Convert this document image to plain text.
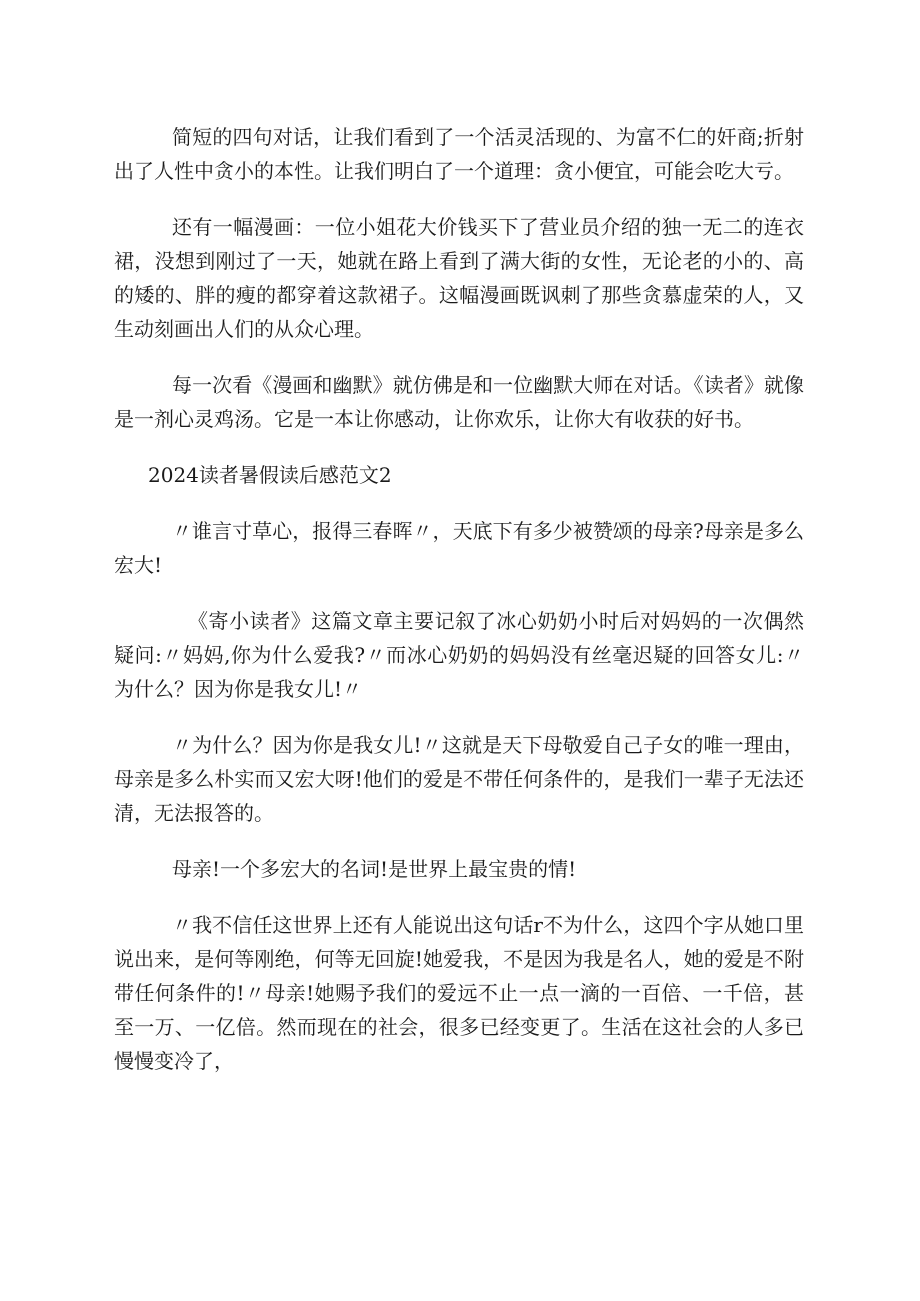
简短的四句对话，让我们看到了一个活灵活现的、为富不仁的奸商;折射出了人性中贪小的本性。让我们明白了一个道理：贪小便宜，可能会吃大亏。

还有一幅漫画：一位小姐花大价钱买下了营业员介绍的独一无二的连衣裙，没想到刚过了一天，她就在路上看到了满大街的女性，无论老的小的、高的矮的、胖的瘦的都穿着这款裙子。这幅漫画既讽刺了那些贪慕虚荣的人，又生动刻画出人们的从众心理。

每一次看《漫画和幽默》就仿佛是和一位幽默大师在对话。《读者》就像是一剂心灵鸡汤。它是一本让你感动，让你欢乐，让你大有收获的好书。

2024读者暑假读后感范文2

〃谁言寸草心，报得三春晖〃，天底下有多少被赞颂的母亲?母亲是多么宏大!

《寄小读者》这篇文章主要记叙了冰心奶奶小时后对妈妈的一次偶然疑问:〃妈妈,你为什么爱我?〃而冰心奶奶的妈妈没有丝毫迟疑的回答女儿:〃为什么？因为你是我女儿!〃

〃为什么？因为你是我女儿!〃这就是天下母敬爱自己子女的唯一理由，母亲是多么朴实而又宏大呀!他们的爱是不带任何条件的，是我们一辈子无法还清，无法报答的。

母亲!一个多宏大的名词!是世界上最宝贵的情!

〃我不信任这世界上还有人能说出这句话r不为什么，这四个字从她口里说出来，是何等刚绝，何等无回旋!她爱我，不是因为我是名人，她的爱是不附带任何条件的!〃母亲!她赐予我们的爱远不止一点一滴的一百倍、一千倍，甚至一万、一亿倍。然而现在的社会，很多已经变更了。生活在这社会的人多已慢慢变冷了，
